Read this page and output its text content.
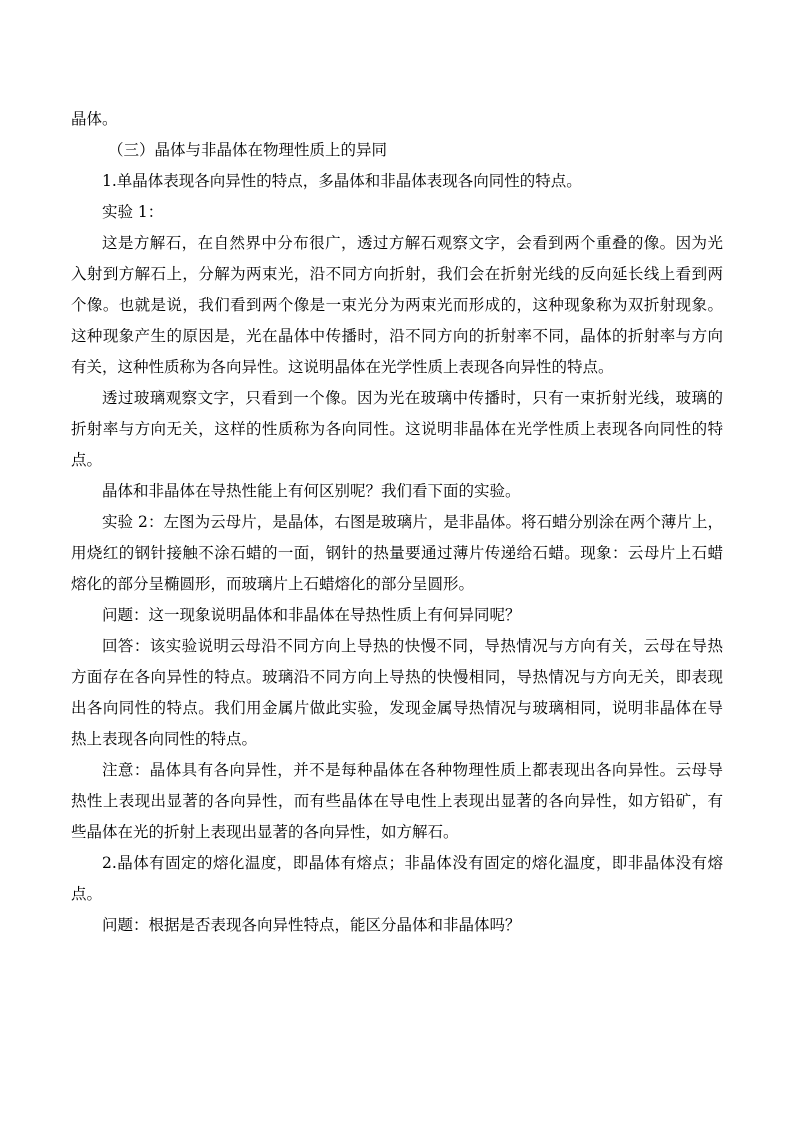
晶体。
（三）晶体与非晶体在物理性质上的异同
1.单晶体表现各向异性的特点，多晶体和非晶体表现各向同性的特点。
实验 1：
这是方解石，在自然界中分布很广，透过方解石观察文字，会看到两个重叠的像。因为光
入射到方解石上，分解为两束光，沿不同方向折射，我们会在折射光线的反向延长线上看到两
个像。也就是说，我们看到两个像是一束光分为两束光而形成的，这种现象称为双折射现象。
这种现象产生的原因是，光在晶体中传播时，沿不同方向的折射率不同，晶体的折射率与方向
有关，这种性质称为各向异性。这说明晶体在光学性质上表现各向异性的特点。
透过玻璃观察文字，只看到一个像。因为光在玻璃中传播时，只有一束折射光线，玻璃的
折射率与方向无关，这样的性质称为各向同性。这说明非晶体在光学性质上表现各向同性的特
点。
晶体和非晶体在导热性能上有何区别呢？我们看下面的实验。
实验 2：左图为云母片，是晶体，右图是玻璃片，是非晶体。将石蜡分别涂在两个薄片上，
用烧红的钢针接触不涂石蜡的一面，钢针的热量要通过薄片传递给石蜡。现象：云母片上石蜡
熔化的部分呈椭圆形，而玻璃片上石蜡熔化的部分呈圆形。
问题：这一现象说明晶体和非晶体在导热性质上有何异同呢？
回答：该实验说明云母沿不同方向上导热的快慢不同，导热情况与方向有关，云母在导热
方面存在各向异性的特点。玻璃沿不同方向上导热的快慢相同，导热情况与方向无关，即表现
出各向同性的特点。我们用金属片做此实验，发现金属导热情况与玻璃相同，说明非晶体在导
热上表现各向同性的特点。
注意：晶体具有各向异性，并不是每种晶体在各种物理性质上都表现出各向异性。云母导
热性上表现出显著的各向异性，而有些晶体在导电性上表现出显著的各向异性，如方铅矿，有
些晶体在光的折射上表现出显著的各向异性，如方解石。
2.晶体有固定的熔化温度，即晶体有熔点；非晶体没有固定的熔化温度，即非晶体没有熔
点。
问题：根据是否表现各向异性特点，能区分晶体和非晶体吗？
